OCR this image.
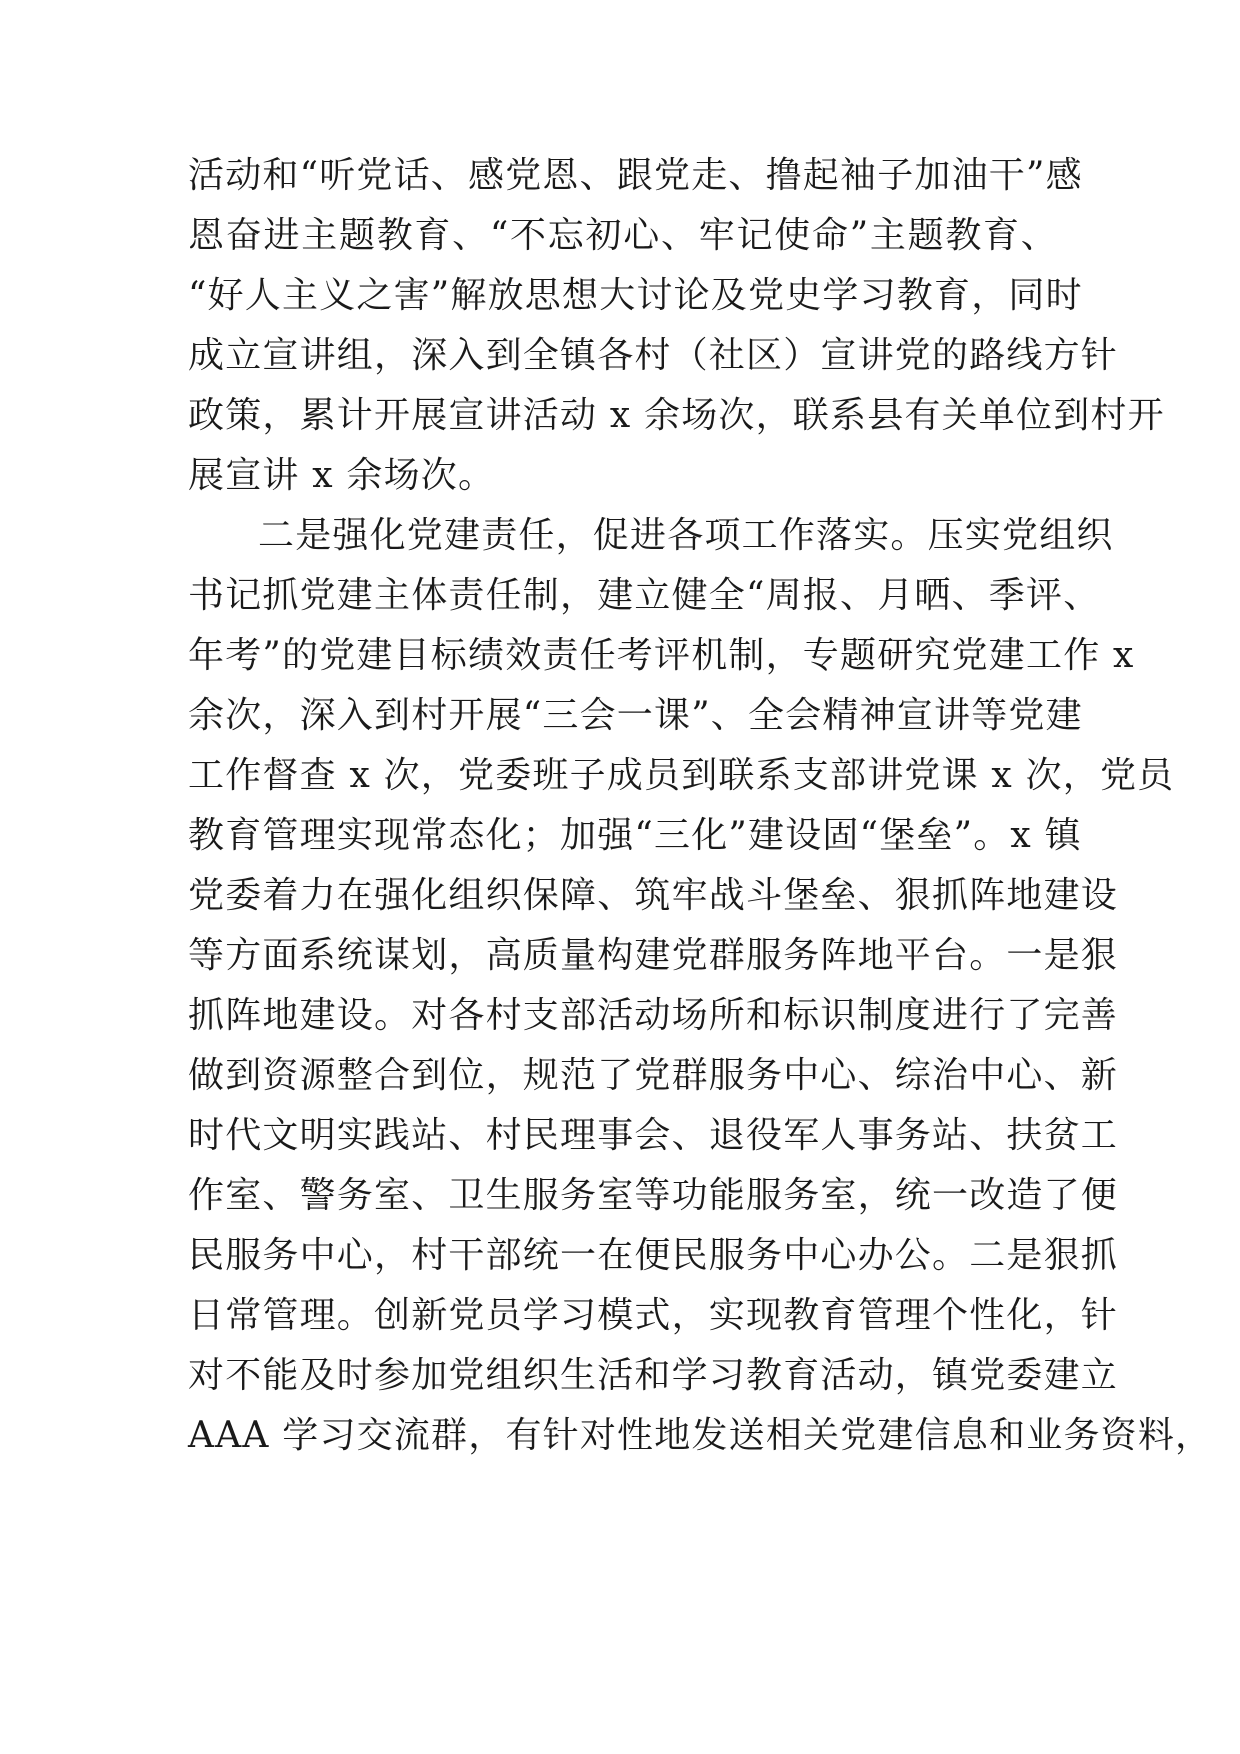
活动和“听党话、感党恩、跟党走、撸起袖子加油干”感
恩奋进主题教育、“不忘初心、牢记使命”主题教育、
“好人主义之害”解放思想大讨论及党史学习教育，同时
成立宣讲组，深入到全镇各村（社区）宣讲党的路线方针
政策，累计开展宣讲活动 x 余场次，联系县有关单位到村开
展宣讲 x 余场次。
二是强化党建责任，促进各项工作落实。压实党组织
书记抓党建主体责任制，建立健全“周报、月晒、季评、
年考”的党建目标绩效责任考评机制，专题研究党建工作 x
余次，深入到村开展“三会一课”、全会精神宣讲等党建
工作督查 x 次，党委班子成员到联系支部讲党课 x 次，党员
教育管理实现常态化；加强“三化”建设固“堡垒”。x 镇
党委着力在强化组织保障、筑牢战斗堡垒、狠抓阵地建设
等方面系统谋划，高质量构建党群服务阵地平台。一是狠
抓阵地建设。对各村支部活动场所和标识制度进行了完善
做到资源整合到位，规范了党群服务中心、综治中心、新
时代文明实践站、村民理事会、退役军人事务站、扶贫工
作室、警务室、卫生服务室等功能服务室，统一改造了便
民服务中心，村干部统一在便民服务中心办公。二是狠抓
日常管理。创新党员学习模式，实现教育管理个性化，针
对不能及时参加党组织生活和学习教育活动，镇党委建立
AAA 学习交流群，有针对性地发送相关党建信息和业务资料，
